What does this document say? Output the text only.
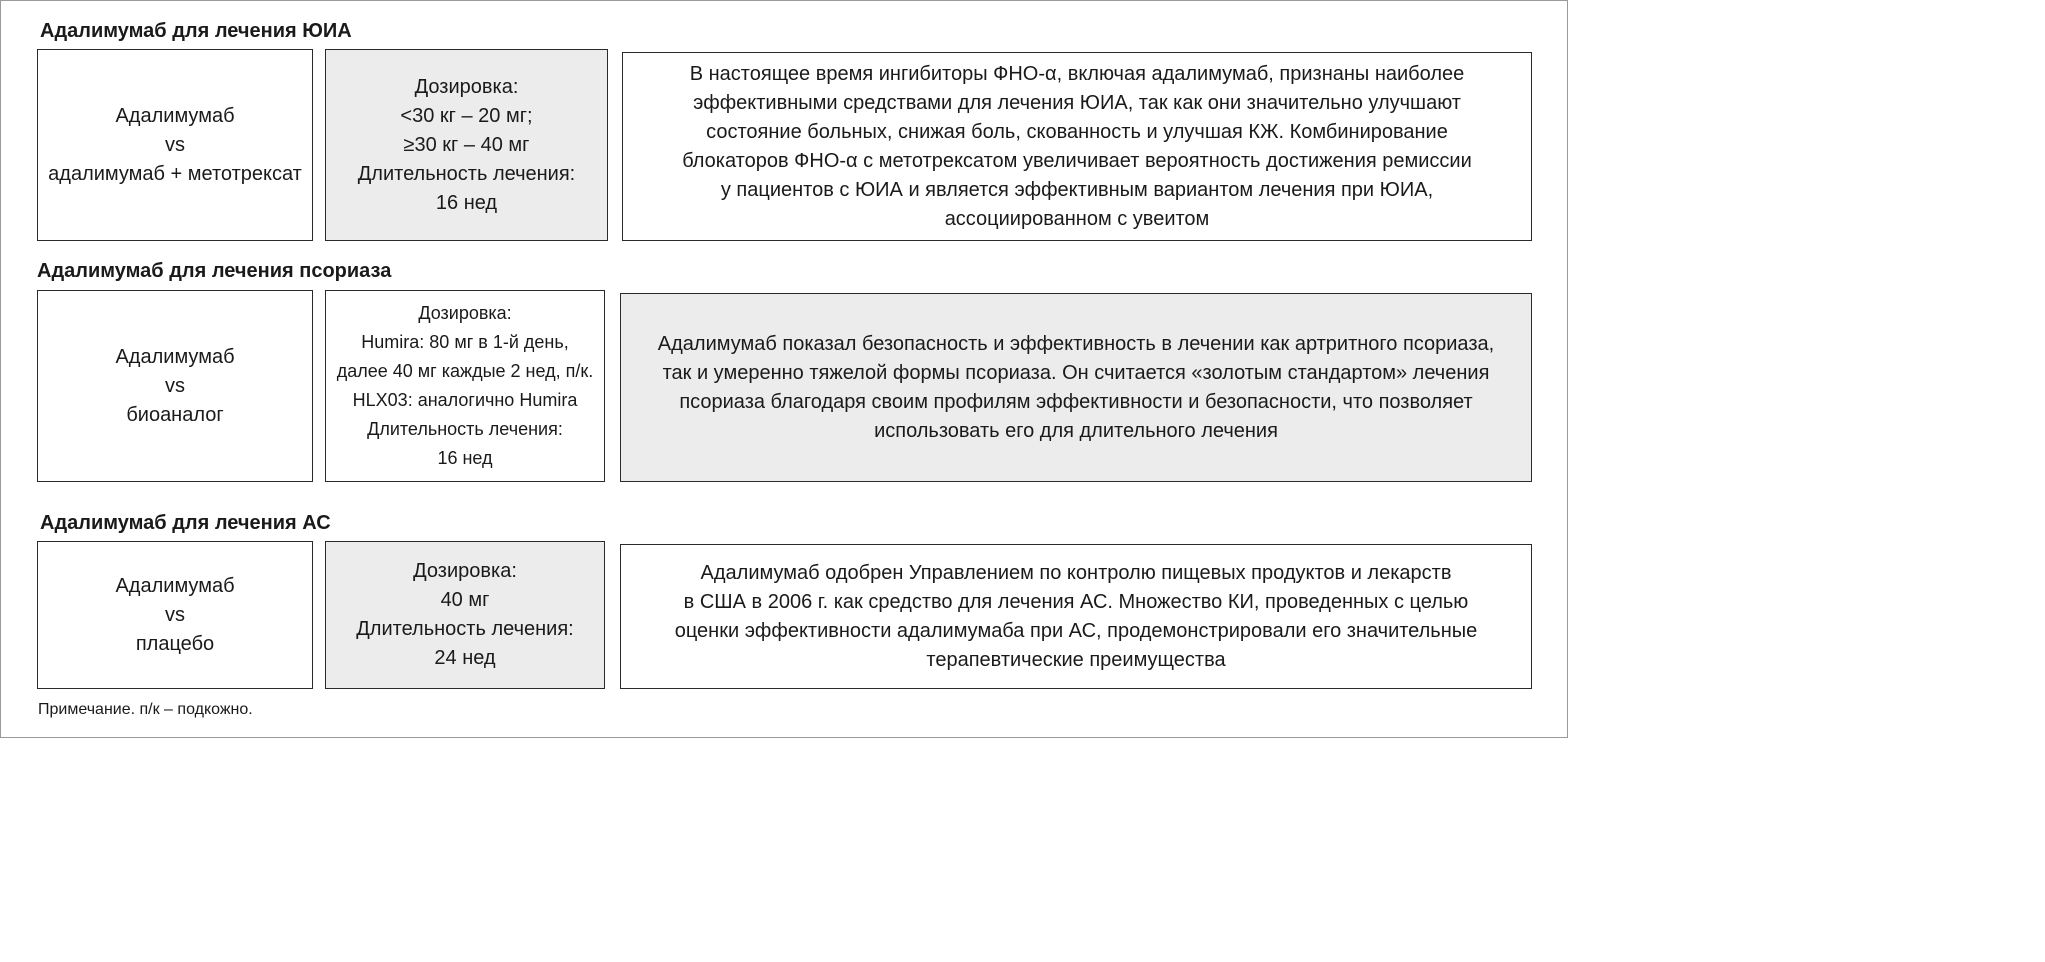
Адалимумаб для лечения ЮИА
Адалимумаб
vs
адалимумаб + метотрексат
Дозировка:
<30 кг – 20 мг;
≥30 кг – 40 мг
Длительность лечения:
16 нед
В настоящее время ингибиторы ФНО-α, включая адалимумаб, признаны наиболее
эффективными средствами для лечения ЮИА, так как они значительно улучшают
состояние больных, снижая боль, скованность и улучшая КЖ. Комбинирование
блокаторов ФНО-α с метотрексатом увеличивает вероятность достижения ремиссии
у пациентов с ЮИА и является эффективным вариантом лечения при ЮИА,
ассоциированном с увеитом
Адалимумаб для лечения псориаза
Адалимумаб
vs
биоаналог
Дозировка:
Humira: 80 мг в 1-й день,
далее 40 мг каждые 2 нед, п/к.
HLX03: аналогично Humira
Длительность лечения:
16 нед
Адалимумаб показал безопасность и эффективность в лечении как артритного псориаза,
так и умеренно тяжелой формы псориаза. Он считается «золотым стандартом» лечения
псориаза благодаря своим профилям эффективности и безопасности, что позволяет
использовать его для длительного лечения
Адалимумаб для лечения АС
Адалимумаб
vs
плацебо
Дозировка:
40 мг
Длительность лечения:
24 нед
Адалимумаб одобрен Управлением по контролю пищевых продуктов и лекарств
в США в 2006 г. как средство для лечения АС. Множество КИ, проведенных с целью
оценки эффективности адалимумаба при АС, продемонстрировали его значительные
терапевтические преимущества
Примечание. п/к – подкожно.
